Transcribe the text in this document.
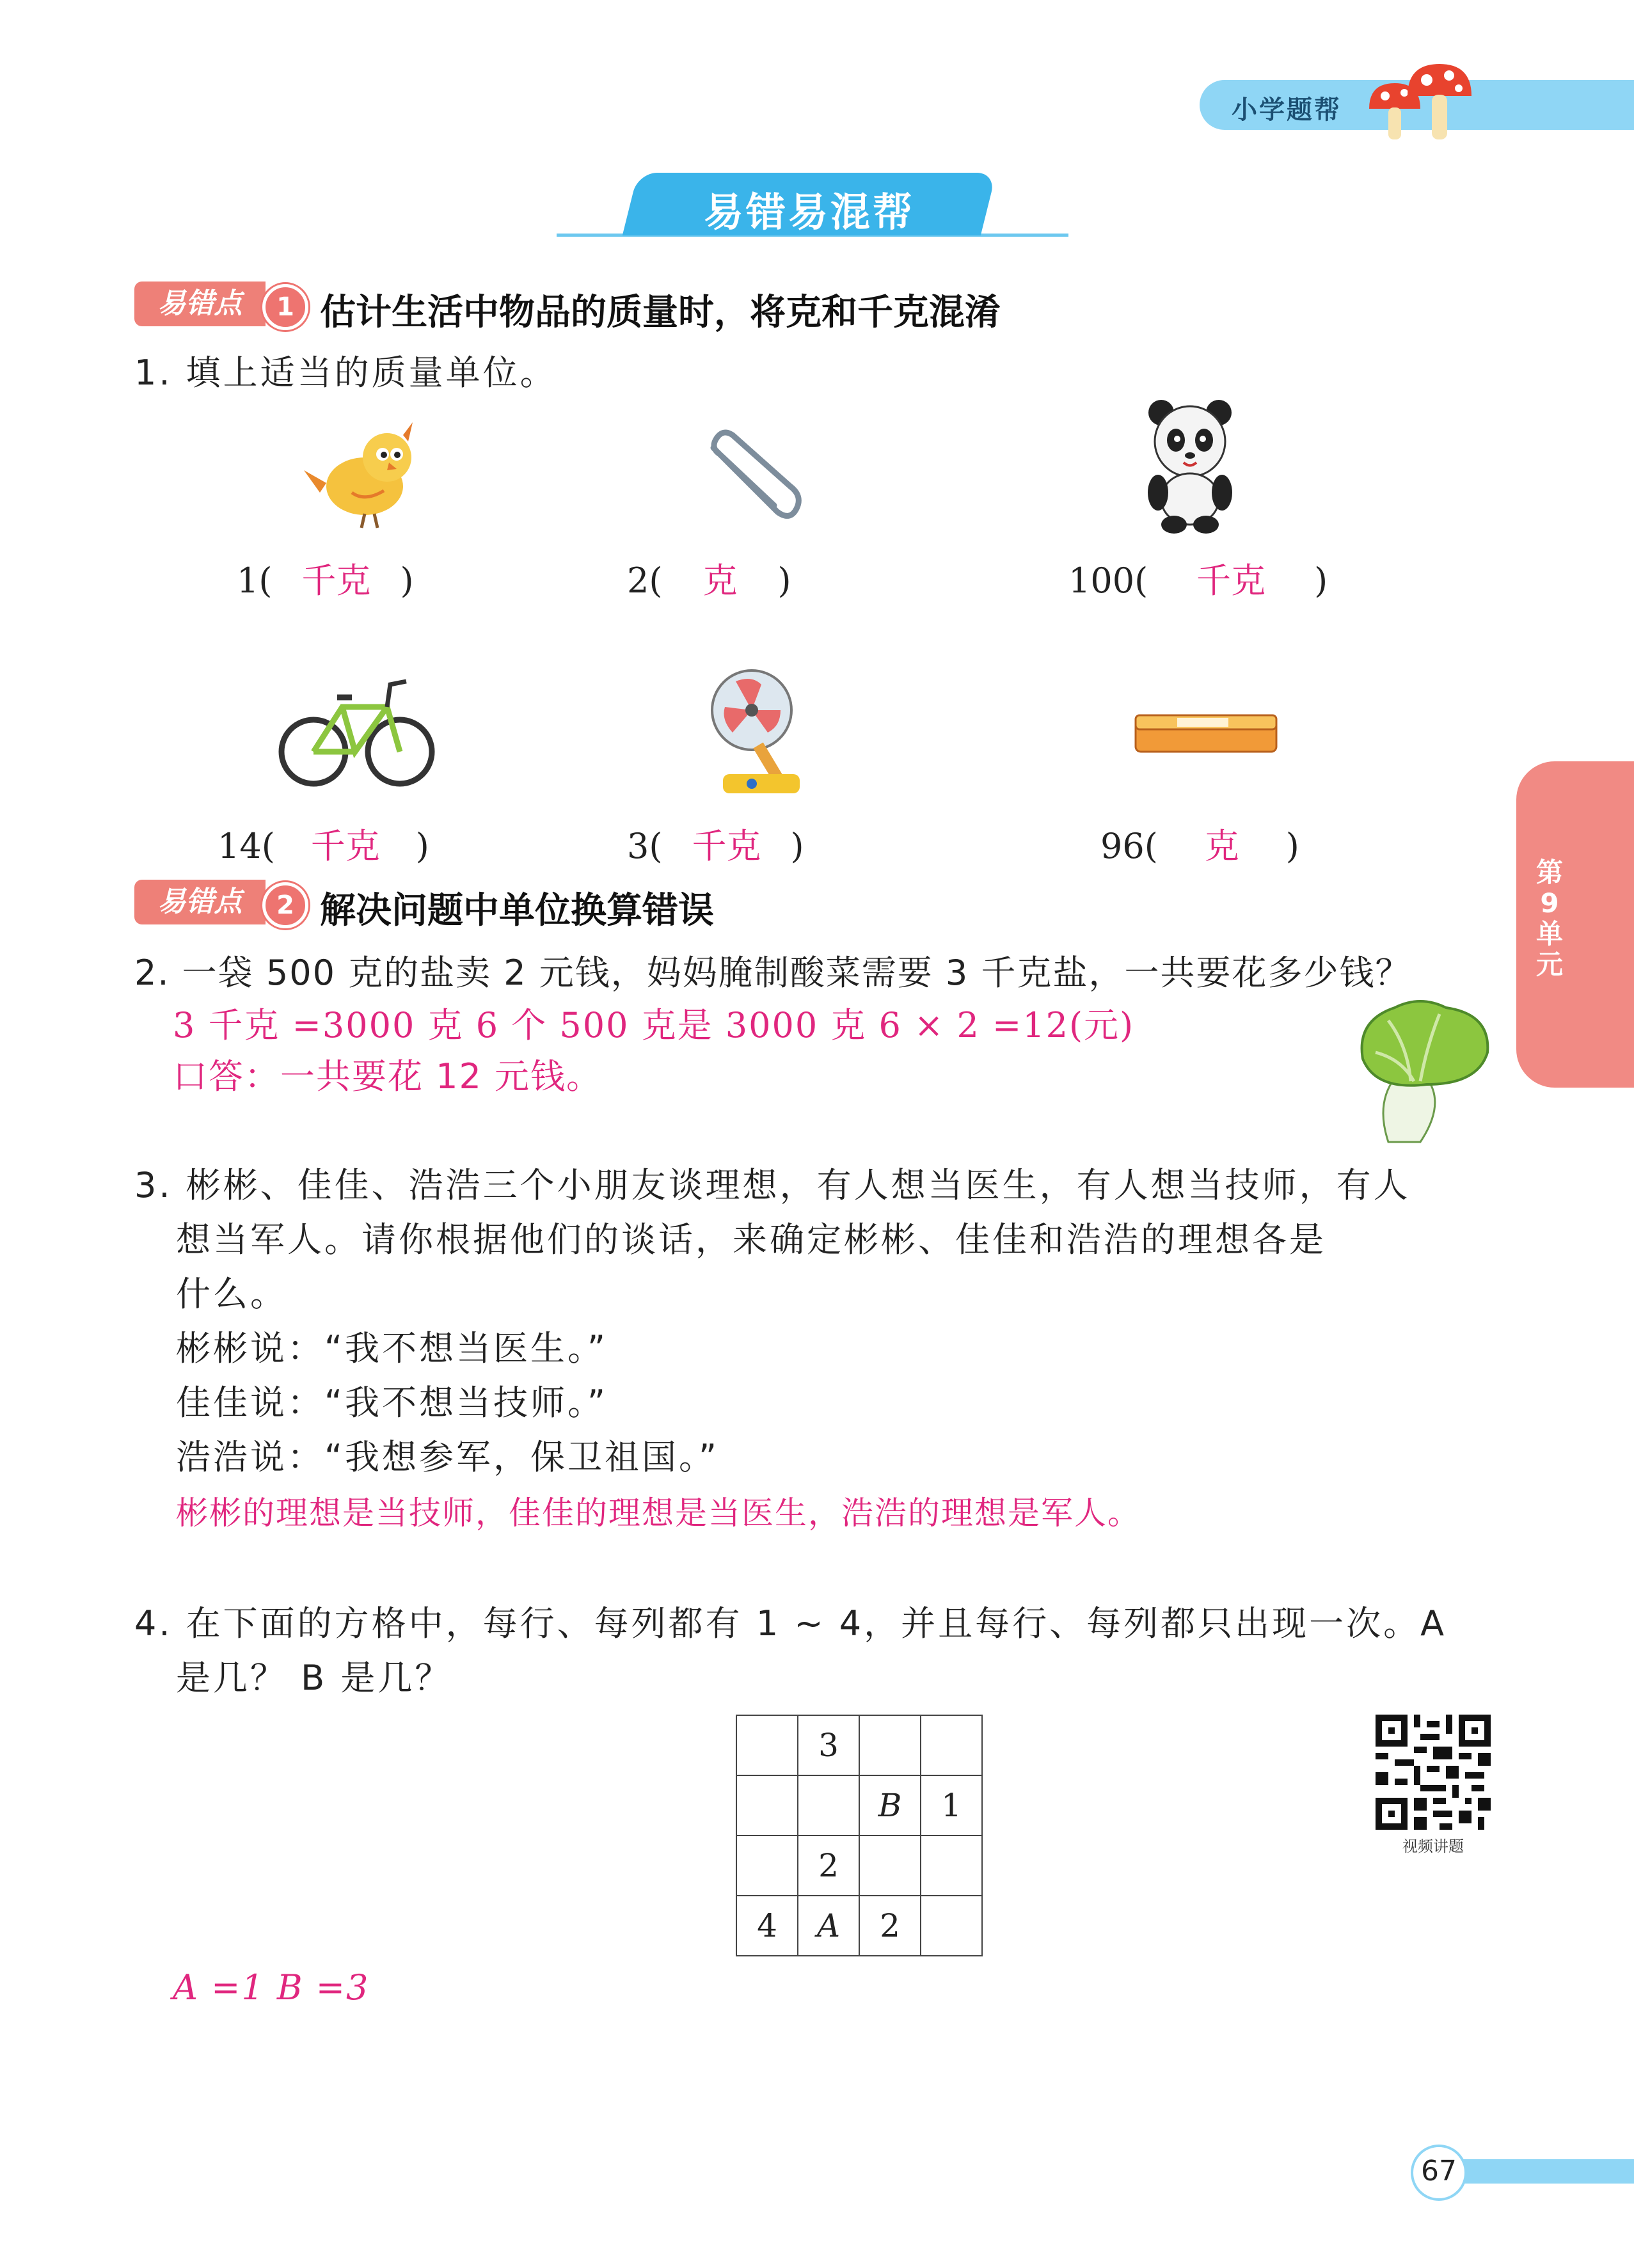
小学题帮
易错易混帮
第9单元
易错点	1 估计生活中物品的质量时，将克和千克混淆
1. 填上适当的质量单位。
1( 千克 )	2( 克 )	100( 千克 )
14( 千克 )	3( 千克 )	96( 克 )
易错点	2 解决问题中单位换算错误
2. 一袋 500 克的盐卖 2 元钱，妈妈腌制酸菜需要 3 千克盐，一共要花多少钱？
3 千克 =3000 克 6 个 500 克是 3000 克 6 × 2 =12(元)
口答：一共要花 12 元钱。
3. 彬彬、佳佳、浩浩三个小朋友谈理想，有人想当医生，有人想当技师，有人
想当军人。请你根据他们的谈话，来确定彬彬、佳佳和浩浩的理想各是
什么。
彬彬说：“我不想当医生。”
佳佳说：“我不想当技师。”
浩浩说：“我想参军，保卫祖国。”
彬彬的理想是当技师，佳佳的理想是当医生，浩浩的理想是军人。
4. 在下面的方格中，每行、每列都有 1 ~ 4，并且每行、每列都只出现一次。A
是几？ B 是几？
	3		
		B	1
	2		
4	A	2	
A =1 B =3
视频讲题
67
